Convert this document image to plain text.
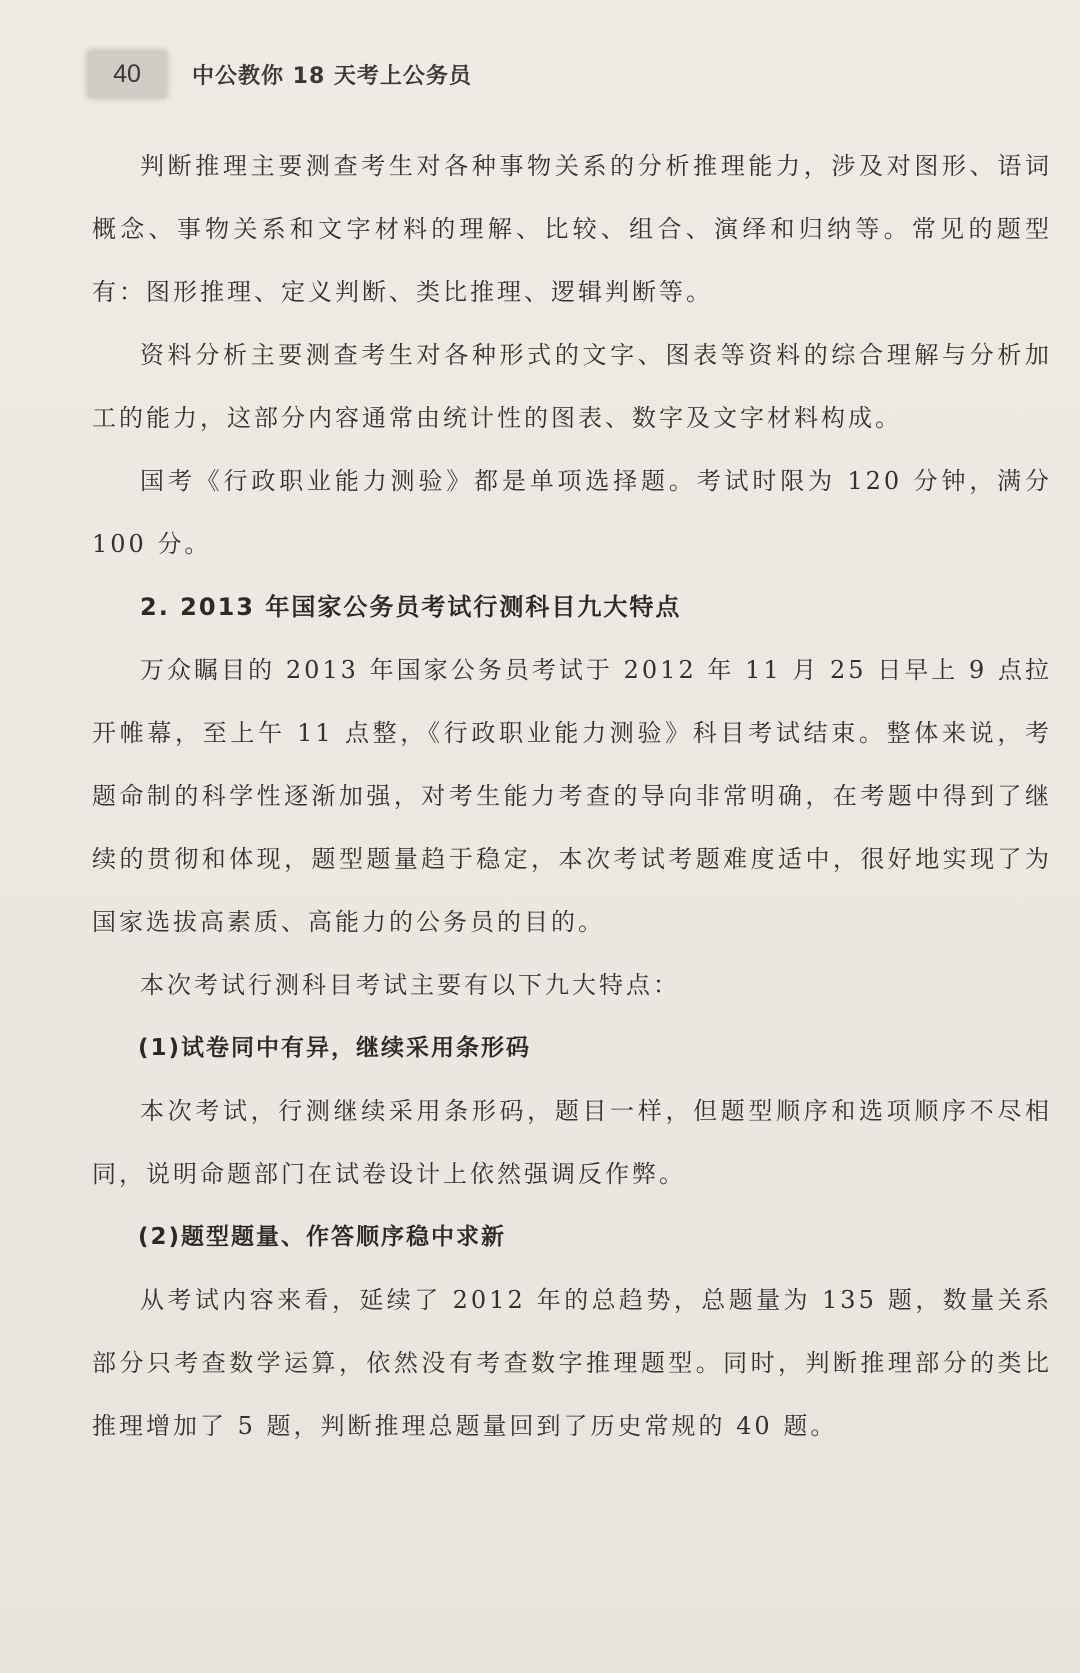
40 中公教你 18 天考上公务员

判断推理主要测查考生对各种事物关系的分析推理能力，涉及对图形、语词概念、事物关系和文字材料的理解、比较、组合、演绎和归纳等。常见的题型有：图形推理、定义判断、类比推理、逻辑判断等。

资料分析主要测查考生对各种形式的文字、图表等资料的综合理解与分析加工的能力，这部分内容通常由统计性的图表、数字及文字材料构成。

国考《行政职业能力测验》都是单项选择题。考试时限为 120 分钟，满分 100 分。

2. 2013 年国家公务员考试行测科目九大特点

万众瞩目的 2013 年国家公务员考试于 2012 年 11 月 25 日早上 9 点拉开帷幕，至上午 11 点整，《行政职业能力测验》科目考试结束。整体来说，考题命制的科学性逐渐加强，对考生能力考查的导向非常明确，在考题中得到了继续的贯彻和体现，题型题量趋于稳定，本次考试考题难度适中，很好地实现了为国家选拔高素质、高能力的公务员的目的。

本次考试行测科目考试主要有以下九大特点：

(1)试卷同中有异，继续采用条形码

本次考试，行测继续采用条形码，题目一样，但题型顺序和选项顺序不尽相同，说明命题部门在试卷设计上依然强调反作弊。

(2)题型题量、作答顺序稳中求新

从考试内容来看，延续了 2012 年的总趋势，总题量为 135 题，数量关系部分只考查数学运算，依然没有考查数字推理题型。同时，判断推理部分的类比推理增加了 5 题，判断推理总题量回到了历史常规的 40 题。
